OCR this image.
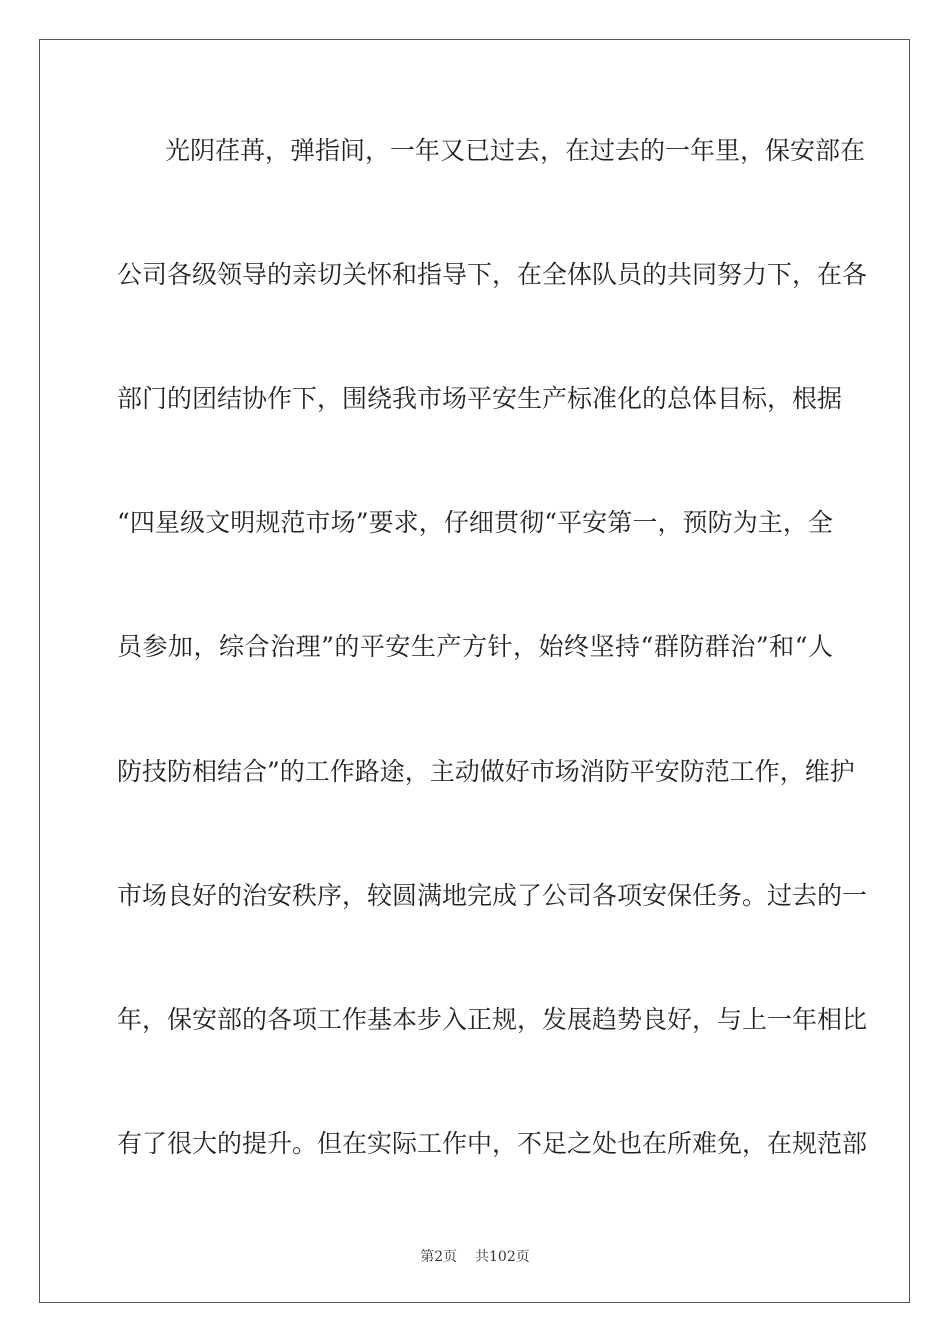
光阴荏苒，弹指间，一年又已过去，在过去的一年里，保安部在
公司各级领导的亲切关怀和指导下，在全体队员的共同努力下，在各
部门的团结协作下，围绕我市场平安生产标准化的总体目标，根据
“四星级文明规范市场”要求，仔细贯彻“平安第一，预防为主，全
员参加，综合治理”的平安生产方针，始终坚持“群防群治”和“人
防技防相结合”的工作路途，主动做好市场消防平安防范工作，维护
市场良好的治安秩序，较圆满地完成了公司各项安保任务。过去的一
年，保安部的各项工作基本步入正规，发展趋势良好，与上一年相比
有了很大的提升。但在实际工作中，不足之处也在所难免，在规范部
第2页 共102页
